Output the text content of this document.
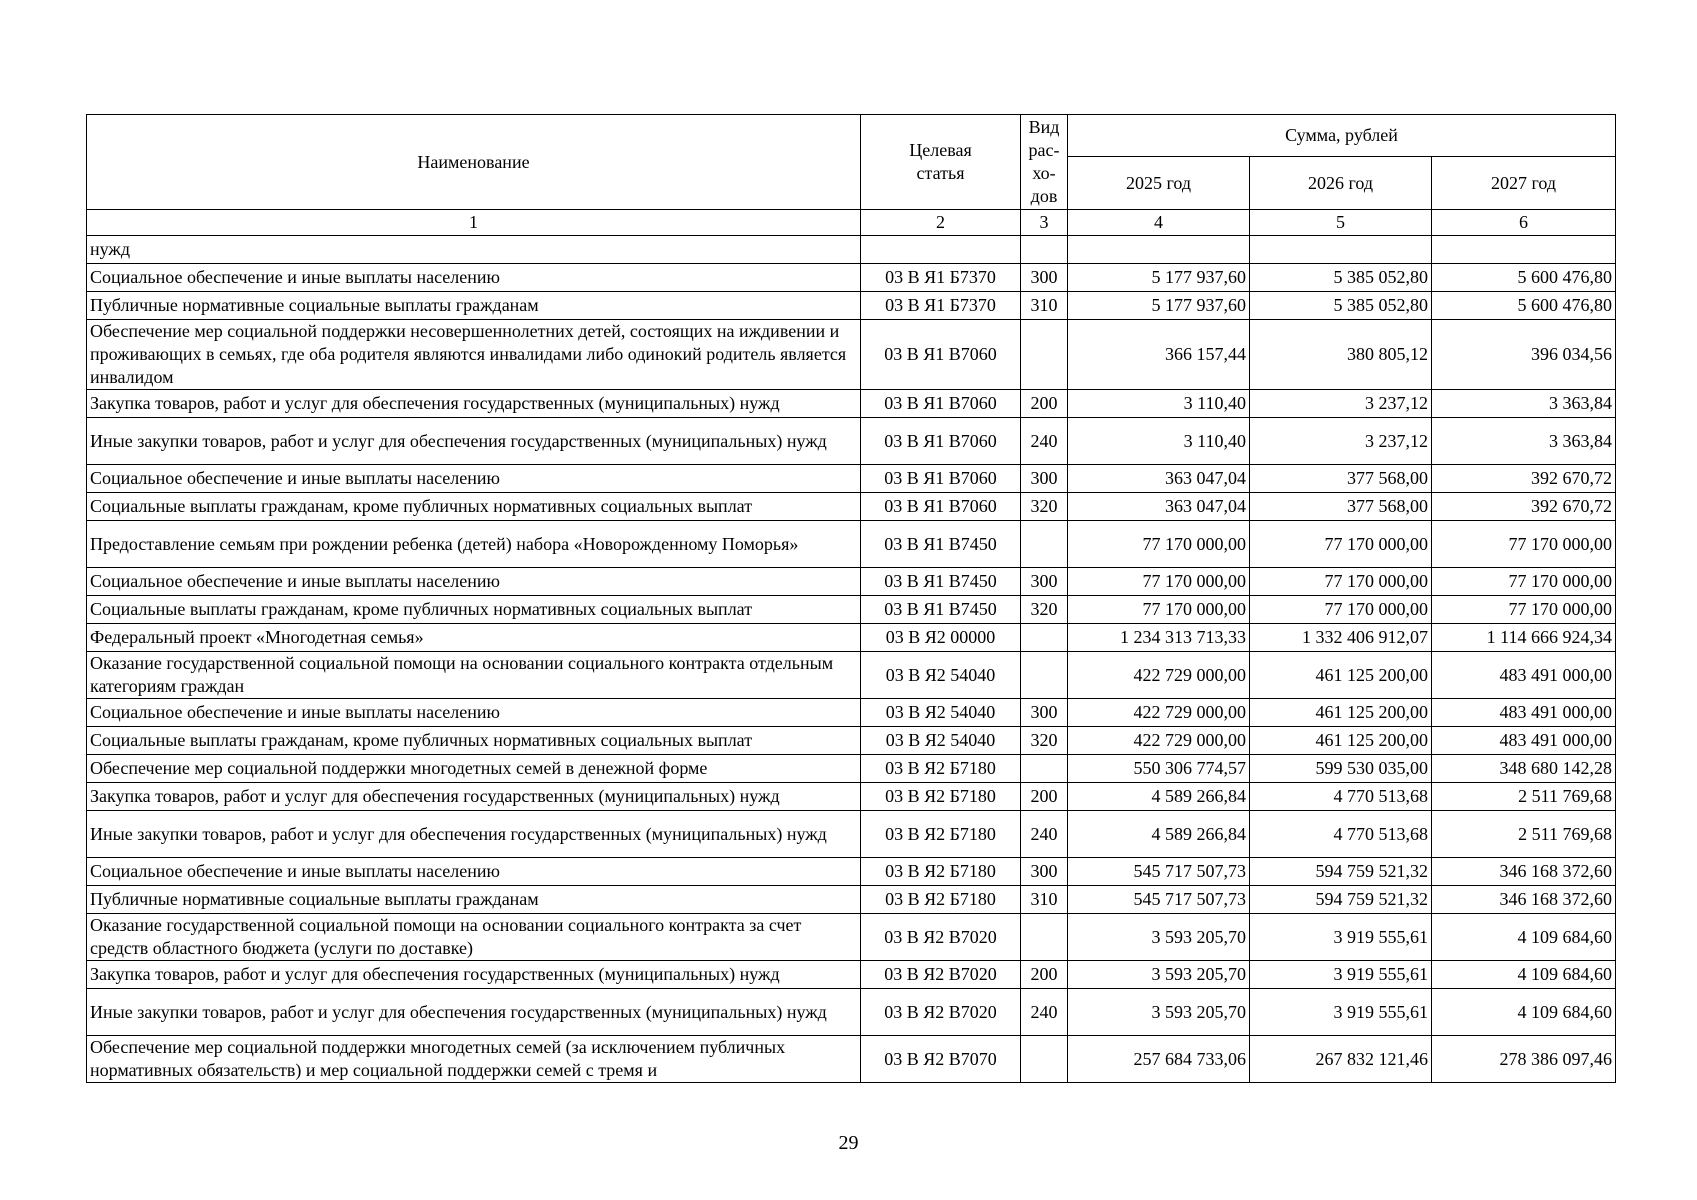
Наименование	Целевая статья	Вид рас-хо-дов	Сумма, рублей		
			2025 год	2026 год	2027 год
1	2	3	4	5	6
нужд					
Социальное обеспечение и иные выплаты населению	03 В Я1 Б7370	300	5 177 937,60	5 385 052,80	5 600 476,80
Публичные нормативные социальные выплаты гражданам	03 В Я1 Б7370	310	5 177 937,60	5 385 052,80	5 600 476,80
Обеспечение мер социальной поддержки несовершеннолетних детей, состоящих на иждивении и проживающих в семьях, где оба родителя являются инвалидами либо одинокий родитель является инвалидом	03 В Я1 В7060		366 157,44	380 805,12	396 034,56
Закупка товаров, работ и услуг для обеспечения государственных (муниципальных) нужд	03 В Я1 В7060	200	3 110,40	3 237,12	3 363,84
Иные закупки товаров, работ и услуг для обеспечения государственных (муниципальных) нужд	03 В Я1 В7060	240	3 110,40	3 237,12	3 363,84
Социальное обеспечение и иные выплаты населению	03 В Я1 В7060	300	363 047,04	377 568,00	392 670,72
Социальные выплаты гражданам, кроме публичных нормативных социальных выплат	03 В Я1 В7060	320	363 047,04	377 568,00	392 670,72
Предоставление семьям при рождении ребенка (детей) набора «Новорожденному Поморья»	03 В Я1 В7450		77 170 000,00	77 170 000,00	77 170 000,00
Социальное обеспечение и иные выплаты населению	03 В Я1 В7450	300	77 170 000,00	77 170 000,00	77 170 000,00
Социальные выплаты гражданам, кроме публичных нормативных социальных выплат	03 В Я1 В7450	320	77 170 000,00	77 170 000,00	77 170 000,00
Федеральный проект «Многодетная семья»	03 В Я2 00000		1 234 313 713,33	1 332 406 912,07	1 114 666 924,34
Оказание государственной социальной помощи на основании социального контракта отдельным категориям граждан	03 В Я2 54040		422 729 000,00	461 125 200,00	483 491 000,00
Социальное обеспечение и иные выплаты населению	03 В Я2 54040	300	422 729 000,00	461 125 200,00	483 491 000,00
Социальные выплаты гражданам, кроме публичных нормативных социальных выплат	03 В Я2 54040	320	422 729 000,00	461 125 200,00	483 491 000,00
Обеспечение мер социальной поддержки многодетных семей в денежной форме	03 В Я2 Б7180		550 306 774,57	599 530 035,00	348 680 142,28
Закупка товаров, работ и услуг для обеспечения государственных (муниципальных) нужд	03 В Я2 Б7180	200	4 589 266,84	4 770 513,68	2 511 769,68
Иные закупки товаров, работ и услуг для обеспечения государственных (муниципальных) нужд	03 В Я2 Б7180	240	4 589 266,84	4 770 513,68	2 511 769,68
Социальное обеспечение и иные выплаты населению	03 В Я2 Б7180	300	545 717 507,73	594 759 521,32	346 168 372,60
Публичные нормативные социальные выплаты гражданам	03 В Я2 Б7180	310	545 717 507,73	594 759 521,32	346 168 372,60
Оказание государственной социальной помощи на основании социального контракта за счет средств областного бюджета (услуги по доставке)	03 В Я2 В7020		3 593 205,70	3 919 555,61	4 109 684,60
Закупка товаров, работ и услуг для обеспечения государственных (муниципальных) нужд	03 В Я2 В7020	200	3 593 205,70	3 919 555,61	4 109 684,60
Иные закупки товаров, работ и услуг для обеспечения государственных (муниципальных) нужд	03 В Я2 В7020	240	3 593 205,70	3 919 555,61	4 109 684,60
Обеспечение мер социальной поддержки многодетных семей (за исключением публичных нормативных обязательств) и мер социальной поддержки семей с тремя и	03 В Я2 В7070		257 684 733,06	267 832 121,46	278 386 097,46
29
